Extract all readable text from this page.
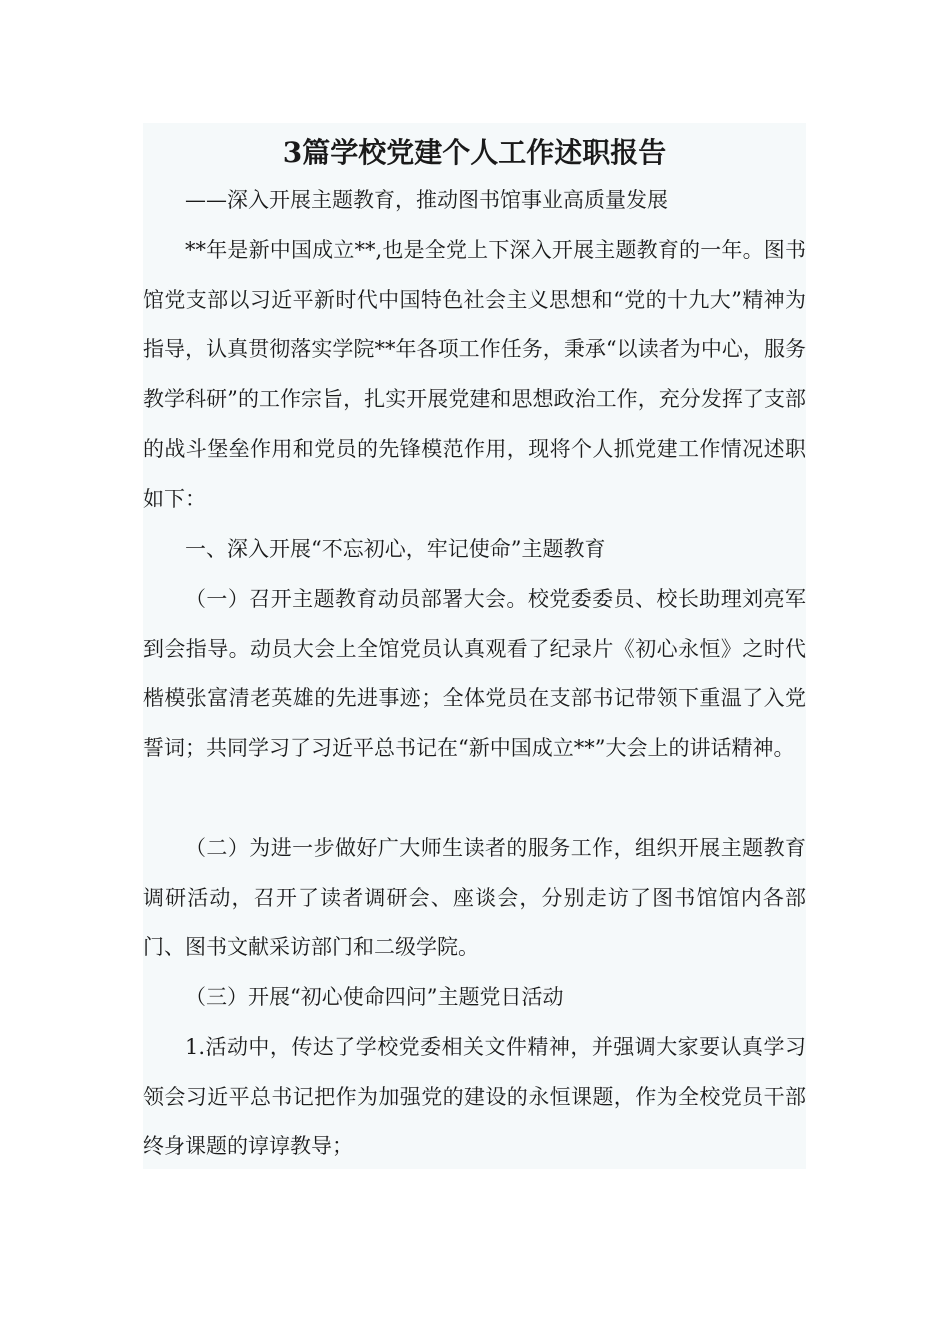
3篇学校党建个人工作述职报告

——深入开展主题教育，推动图书馆事业高质量发展

**年是新中国成立**,也是全党上下深入开展主题教育的一年。图书馆党支部以习近平新时代中国特色社会主义思想和“党的十九大”精神为指导，认真贯彻落实学院**年各项工作任务，秉承“以读者为中心，服务教学科研”的工作宗旨，扎实开展党建和思想政治工作，充分发挥了支部的战斗堡垒作用和党员的先锋模范作用，现将个人抓党建工作情况述职如下：

一、深入开展“不忘初心，牢记使命”主题教育

（一）召开主题教育动员部署大会。校党委委员、校长助理刘亮军到会指导。动员大会上全馆党员认真观看了纪录片《初心永恒》之时代楷模张富清老英雄的先进事迹；全体党员在支部书记带领下重温了入党誓词；共同学习了习近平总书记在“新中国成立**”大会上的讲话精神。

（二）为进一步做好广大师生读者的服务工作，组织开展主题教育调研活动，召开了读者调研会、座谈会，分别走访了图书馆馆内各部门、图书文献采访部门和二级学院。

（三）开展“初心使命四问”主题党日活动

1.活动中，传达了学校党委相关文件精神，并强调大家要认真学习领会习近平总书记把作为加强党的建设的永恒课题，作为全校党员干部终身课题的谆谆教导；
